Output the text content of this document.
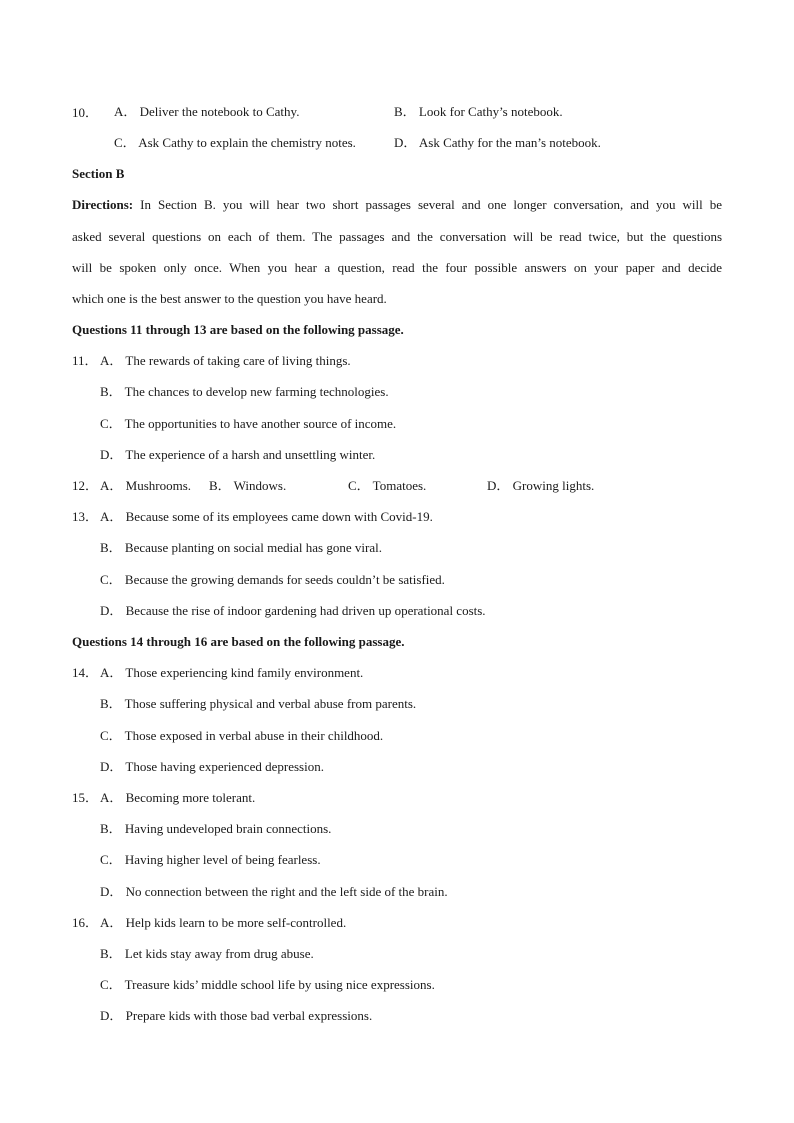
10． A． Deliver the notebook to Cathy.	B． Look for Cathy’s notebook.
C． Ask Cathy to explain the chemistry notes.	D． Ask Cathy for the man’s notebook.
Section B
Directions: In Section B. you will hear two short passages several and one longer conversation, and you will be
asked several questions on each of them. The passages and the conversation will be read twice, but the questions
will be spoken only once. When you hear a question, read the four possible answers on your paper and decide
which one is the best answer to the question you have heard.
Questions 11 through 13 are based on the following passage.
11． A． The rewards of taking care of living things.
B． The chances to develop new farming technologies.
C． The opportunities to have another source of income.
D． The experience of a harsh and unsettling winter.
12． A． Mushrooms. B． Windows.	C． Tomatoes.	D． Growing lights.
13． A． Because some of its employees came down with Covid-19.
B． Because planting on social medial has gone viral.
C． Because the growing demands for seeds couldn’t be satisfied.
D． Because the rise of indoor gardening had driven up operational costs.
Questions 14 through 16 are based on the following passage.
14． A． Those experiencing kind family environment.
B． Those suffering physical and verbal abuse from parents.
C． Those exposed in verbal abuse in their childhood.
D． Those having experienced depression.
15． A． Becoming more tolerant.
B． Having undeveloped brain connections.
C． Having higher level of being fearless.
D． No connection between the right and the left side of the brain.
16． A． Help kids learn to be more self-controlled.
B． Let kids stay away from drug abuse.
C． Treasure kids’ middle school life by using nice expressions.
D． Prepare kids with those bad verbal expressions.
